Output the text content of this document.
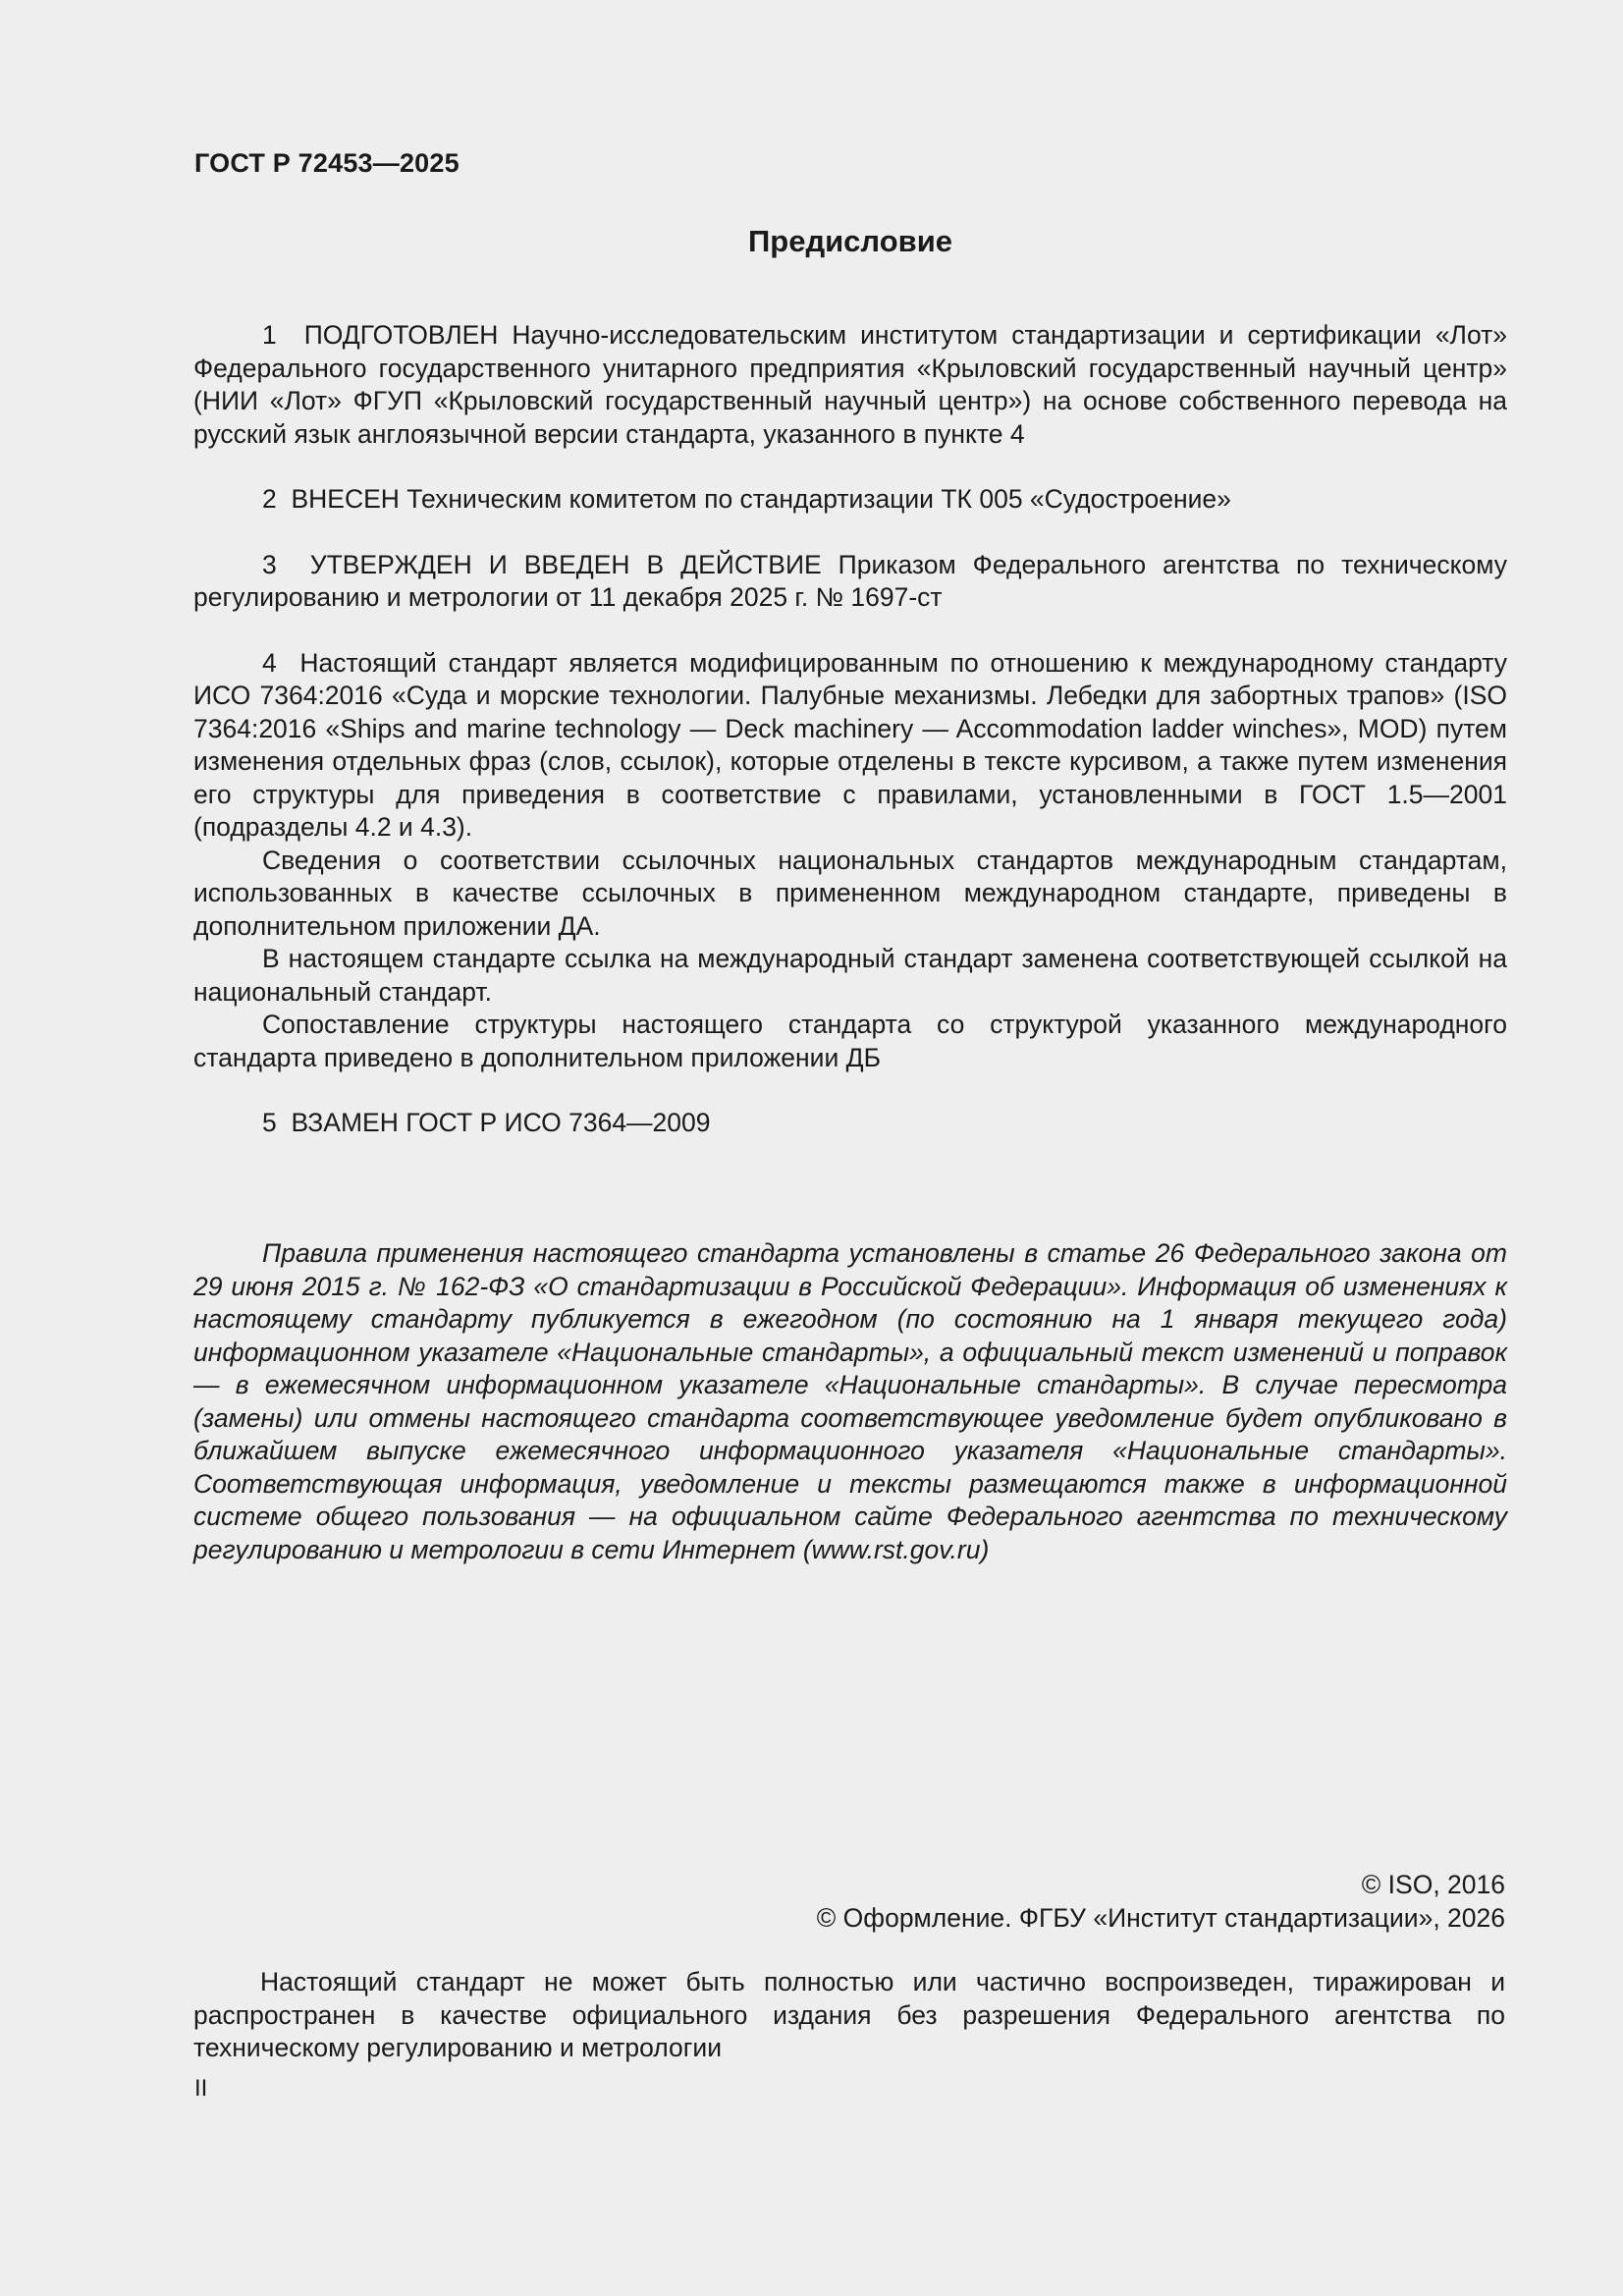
ГОСТ Р 72453—2025
Предисловие

1 ПОДГОТОВЛЕН Научно-исследовательским институтом стандартизации и сертификации «Лот» Федерального государственного унитарного предприятия «Крыловский государственный научный центр» (НИИ «Лот» ФГУП «Крыловский государственный научный центр») на основе собственного перевода на русский язык англоязычной версии стандарта, указанного в пункте 4

2 ВНЕСЕН Техническим комитетом по стандартизации ТК 005 «Судостроение»

3 УТВЕРЖДЕН И ВВЕДЕН В ДЕЙСТВИЕ Приказом Федерального агентства по техническому регулированию и метрологии от 11 декабря 2025 г. № 1697-ст

4 Настоящий стандарт является модифицированным по отношению к международному стандарту ИСО 7364:2016 «Суда и морские технологии. Палубные механизмы. Лебедки для забортных трапов» (ISO 7364:2016 «Ships and marine technology — Deck machinery — Accommodation ladder winches», MOD) путем изменения отдельных фраз (слов, ссылок), которые отделены в тексте курсивом, а также путем изменения его структуры для приведения в соответствие с правилами, установленными в ГОСТ 1.5—2001 (подразделы 4.2 и 4.3).

Сведения о соответствии ссылочных национальных стандартов международным стандартам, использованных в качестве ссылочных в примененном международном стандарте, приведены в дополнительном приложении ДА.

В настоящем стандарте ссылка на международный стандарт заменена соответствующей ссылкой на национальный стандарт.

Сопоставление структуры настоящего стандарта со структурой указанного международного стандарта приведено в дополнительном приложении ДБ

5 ВЗАМЕН ГОСТ Р ИСО 7364—2009

Правила применения настоящего стандарта установлены в статье 26 Федерального закона от 29 июня 2015 г. № 162-ФЗ «О стандартизации в Российской Федерации». Информация об изменениях к настоящему стандарту публикуется в ежегодном (по состоянию на 1 января текущего года) информационном указателе «Национальные стандарты», а официальный текст изменений и поправок — в ежемесячном информационном указателе «Национальные стандарты». В случае пересмотра (замены) или отмены настоящего стандарта соответствующее уведомление будет опубликовано в ближайшем выпуске ежемесячного информационного указателя «Национальные стандарты». Соответствующая информация, уведомление и тексты размещаются также в информационной системе общего пользования — на официальном сайте Федерального агентства по техническому регулированию и метрологии в сети Интернет (www.rst.gov.ru)

© ISO, 2016
© Оформление. ФГБУ «Институт стандартизации», 2026

Настоящий стандарт не может быть полностью или частично воспроизведен, тиражирован и распространен в качестве официального издания без разрешения Федерального агентства по техническому регулированию и метрологии

II
